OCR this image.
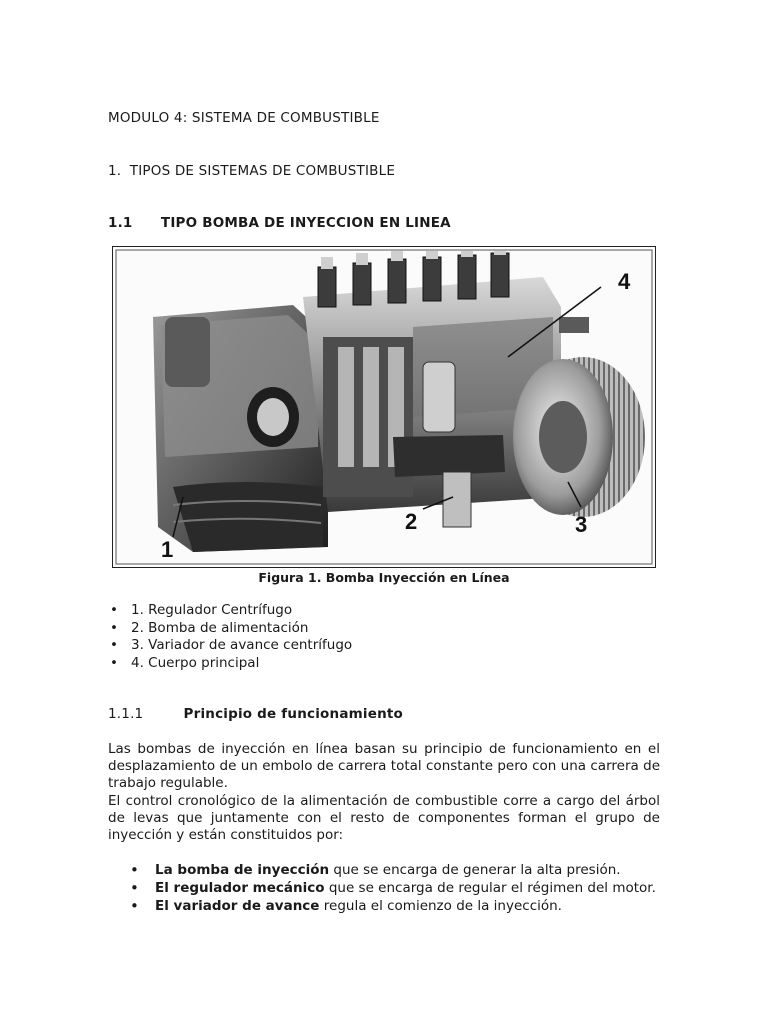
MODULO 4: SISTEMA DE COMBUSTIBLE
1. TIPOS DE SISTEMAS DE COMBUSTIBLE
1.1 TIPO BOMBA DE INYECCION EN LINEA
4
3
2
1
Figura 1. Bomba Inyección en Línea
• 1. Regulador Centrífugo
• 2. Bomba de alimentación
• 3. Variador de avance centrífugo
• 4. Cuerpo principal
1.1.1	Principio de funcionamiento
Las bombas de inyección en línea basan su principio de funcionamiento en el desplazamiento de un embolo de carrera total constante pero con una carrera de trabajo regulable.
El control cronológico de la alimentación de combustible corre a cargo del árbol de levas que juntamente con el resto de componentes forman el grupo de inyección y están constituidos por:
• La bomba de inyección que se encarga de generar la alta presión.
• El regulador mecánico que se encarga de regular el régimen del motor.
• El variador de avance regula el comienzo de la inyección.
